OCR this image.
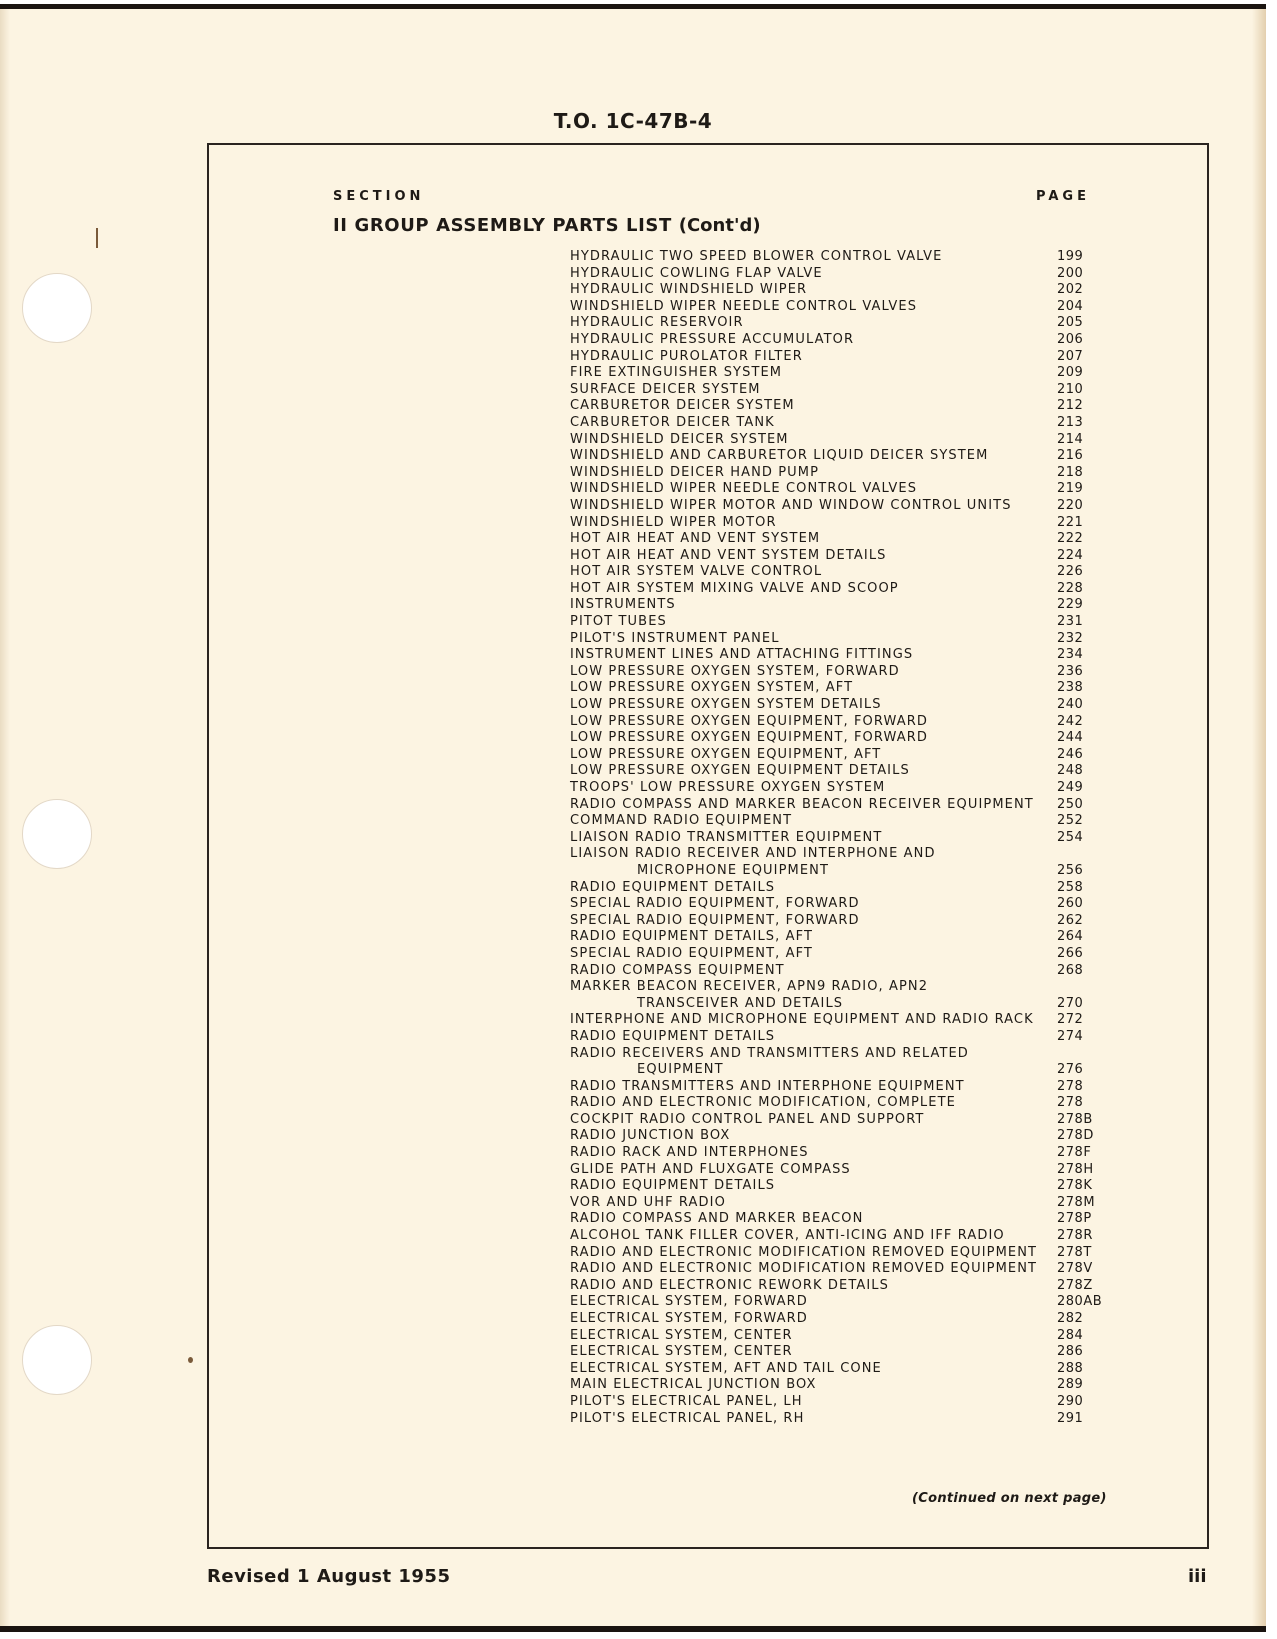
T.O. 1C-47B-4
SECTION	PAGE
II GROUP ASSEMBLY PARTS LIST (Cont'd)
HYDRAULIC TWO SPEED BLOWER CONTROL VALVE	199
HYDRAULIC COWLING FLAP VALVE	200
HYDRAULIC WINDSHIELD WIPER	202
WINDSHIELD WIPER NEEDLE CONTROL VALVES	204
HYDRAULIC RESERVOIR	205
HYDRAULIC PRESSURE ACCUMULATOR	206
HYDRAULIC PUROLATOR FILTER	207
FIRE EXTINGUISHER SYSTEM	209
SURFACE DEICER SYSTEM	210
CARBURETOR DEICER SYSTEM	212
CARBURETOR DEICER TANK	213
WINDSHIELD DEICER SYSTEM	214
WINDSHIELD AND CARBURETOR LIQUID DEICER SYSTEM	216
WINDSHIELD DEICER HAND PUMP	218
WINDSHIELD WIPER NEEDLE CONTROL VALVES	219
WINDSHIELD WIPER MOTOR AND WINDOW CONTROL UNITS	220
WINDSHIELD WIPER MOTOR	221
HOT AIR HEAT AND VENT SYSTEM	222
HOT AIR HEAT AND VENT SYSTEM DETAILS	224
HOT AIR SYSTEM VALVE CONTROL	226
HOT AIR SYSTEM MIXING VALVE AND SCOOP	228
INSTRUMENTS	229
PITOT TUBES	231
PILOT'S INSTRUMENT PANEL	232
INSTRUMENT LINES AND ATTACHING FITTINGS	234
LOW PRESSURE OXYGEN SYSTEM, FORWARD	236
LOW PRESSURE OXYGEN SYSTEM, AFT	238
LOW PRESSURE OXYGEN SYSTEM DETAILS	240
LOW PRESSURE OXYGEN EQUIPMENT, FORWARD	242
LOW PRESSURE OXYGEN EQUIPMENT, FORWARD	244
LOW PRESSURE OXYGEN EQUIPMENT, AFT	246
LOW PRESSURE OXYGEN EQUIPMENT DETAILS	248
TROOPS' LOW PRESSURE OXYGEN SYSTEM	249
RADIO COMPASS AND MARKER BEACON RECEIVER EQUIPMENT 250
COMMAND RADIO EQUIPMENT	252
LIAISON RADIO TRANSMITTER EQUIPMENT	254
LIAISON RADIO RECEIVER AND INTERPHONE AND
MICROPHONE EQUIPMENT	256
RADIO EQUIPMENT DETAILS	258
SPECIAL RADIO EQUIPMENT, FORWARD	260
SPECIAL RADIO EQUIPMENT, FORWARD	262
RADIO EQUIPMENT DETAILS, AFT	264
SPECIAL RADIO EQUIPMENT, AFT	266
RADIO COMPASS EQUIPMENT	268
MARKER BEACON RECEIVER, APN9 RADIO, APN2
TRANSCEIVER AND DETAILS	270
INTERPHONE AND MICROPHONE EQUIPMENT AND RADIO RACK 272
RADIO EQUIPMENT DETAILS	274
RADIO RECEIVERS AND TRANSMITTERS AND RELATED
EQUIPMENT	276
RADIO TRANSMITTERS AND INTERPHONE EQUIPMENT	278
RADIO AND ELECTRONIC MODIFICATION, COMPLETE	278
COCKPIT RADIO CONTROL PANEL AND SUPPORT	278B
RADIO JUNCTION BOX	278D
RADIO RACK AND INTERPHONES	278F
GLIDE PATH AND FLUXGATE COMPASS	278H
RADIO EQUIPMENT DETAILS	278K
VOR AND UHF RADIO	278M
RADIO COMPASS AND MARKER BEACON	278P
ALCOHOL TANK FILLER COVER, ANTI-ICING AND IFF RADIO	278R
RADIO AND ELECTRONIC MODIFICATION REMOVED EQUIPMENT 278T
RADIO AND ELECTRONIC MODIFICATION REMOVED EQUIPMENT 278V
RADIO AND ELECTRONIC REWORK DETAILS	278Z
ELECTRICAL SYSTEM, FORWARD	280AB
ELECTRICAL SYSTEM, FORWARD	282
ELECTRICAL SYSTEM, CENTER	284
ELECTRICAL SYSTEM, CENTER	286
ELECTRICAL SYSTEM, AFT AND TAIL CONE	288
MAIN ELECTRICAL JUNCTION BOX	289
PILOT'S ELECTRICAL PANEL, LH	290
PILOT'S ELECTRICAL PANEL, RH	291
(Continued on next page)
Revised 1 August 1955	iii
